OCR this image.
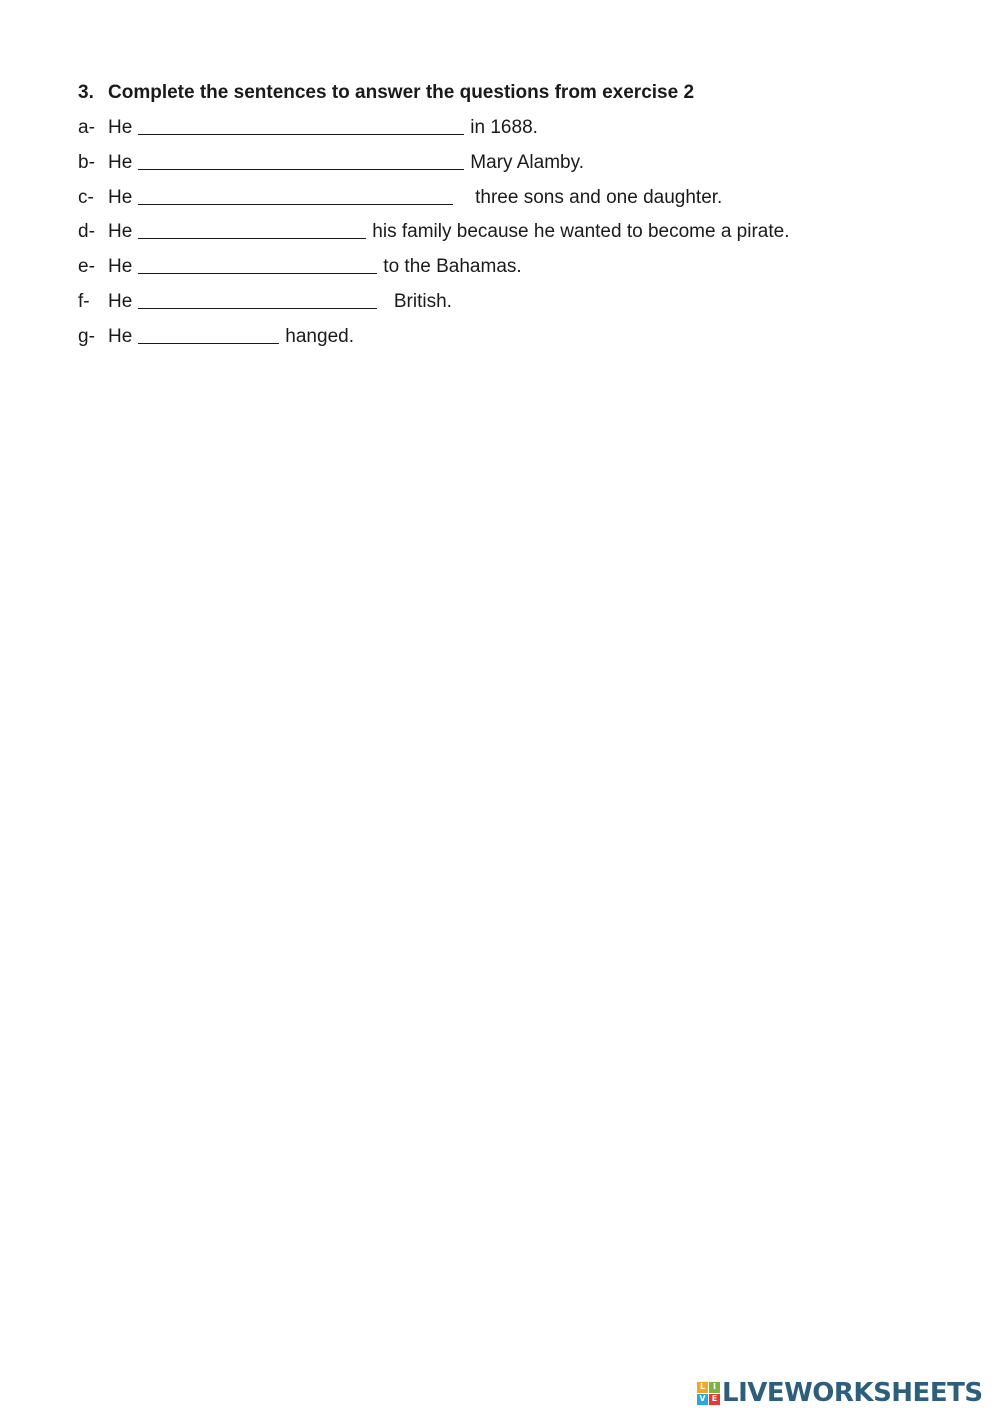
3. Complete the sentences to answer the questions from exercise 2
a- He	in 1688.
b- He	Mary Alamby.
c- He	three sons and one daughter.
d- He	his family because he wanted to become a pirate.
e- He	to the Bahamas.
f- He	British.
g- He	hanged.
L I
V E LIVEWORKSHEETS
